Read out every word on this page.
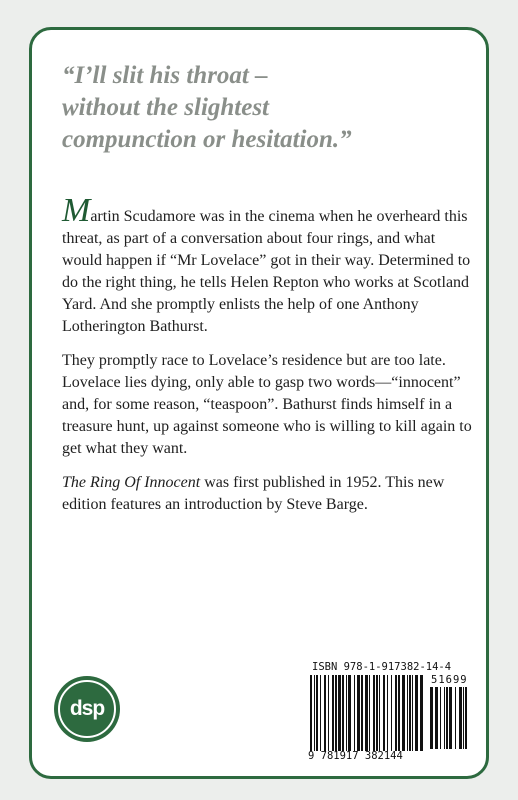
“I’ll slit his throat –
without the slightest
compunction or hesitation.”

Martin Scudamore was in the cinema when he overheard this threat, as part of a conversation about four rings, and what would happen if “Mr Lovelace” got in their way. Determined to do the right thing, he tells Helen Repton who works at Scotland Yard. And she promptly enlists the help of one Anthony Lotherington Bathurst.

They promptly race to Lovelace’s residence but are too late. Lovelace lies dying, only able to gasp two words—“innocent” and, for some reason, “teaspoon”. Bathurst finds himself in a treasure hunt, up against someone who is willing to kill again to get what they want.

The Ring Of Innocent was first published in 1952. This new edition features an introduction by Steve Barge.

dsp
ISBN 978-1-917382-14-4
51699
9 781917 382144
